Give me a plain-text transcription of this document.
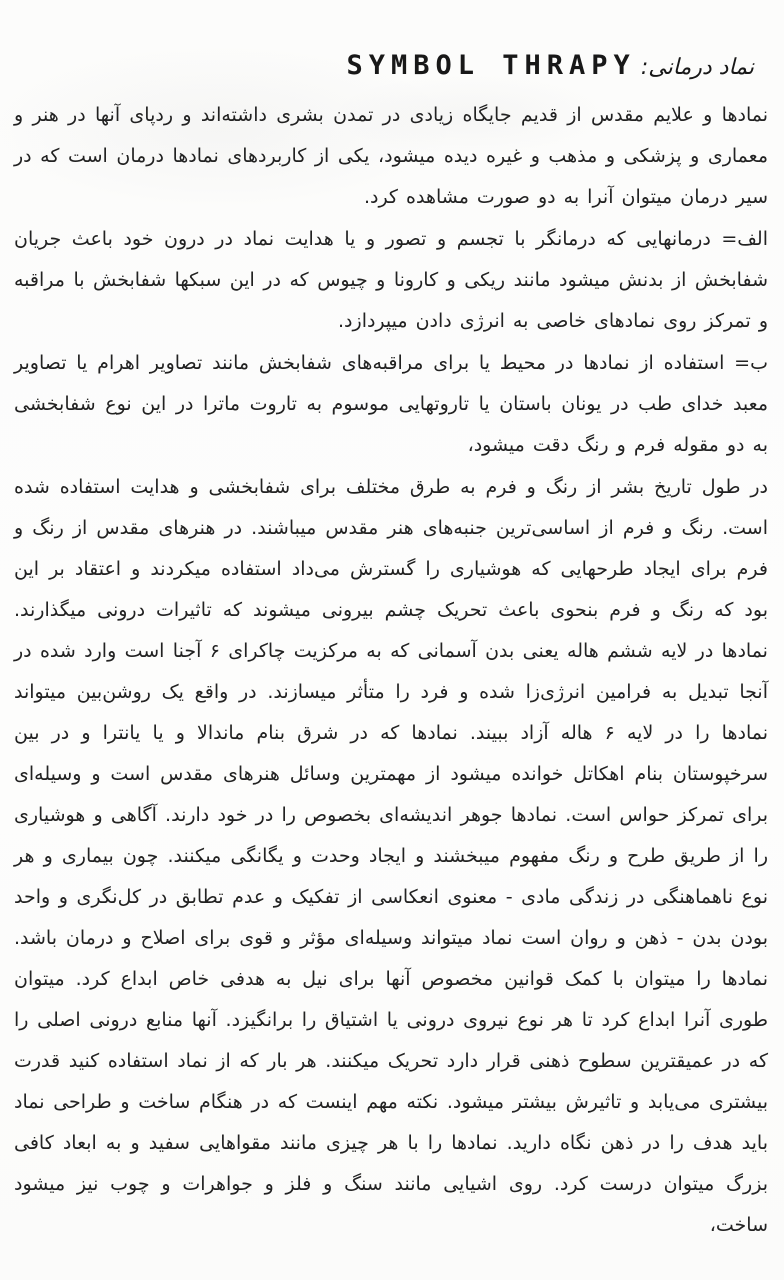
نماد درمانی: SYMBOL THRAPY

نمادها و علایم مقدس از قدیم جایگاه زیادی در تمدن بشری داشته‌اند و ردپای آنها در هنر و معماری و پزشکی و مذهب و غیره دیده میشود، یکی از کاربردهای نمادها درمان است که در سیر درمان میتوان آنرا به دو صورت مشاهده کرد.

الف= درمانهایی که درمانگر با تجسم و تصور و یا هدایت نماد در درون خود باعث جریان شفابخش از بدنش میشود مانند ریکی و کارونا و چیوس که در این سبکها شفابخش با مراقبه و تمرکز روی نمادهای خاصی به انرژی دادن میپردازد.

ب= استفاده از نمادها در محیط یا برای مراقبه‌های شفابخش مانند تصاویر اهرام یا تصاویر معبد خدای طب در یونان باستان یا تاروتهایی موسوم به تاروت ماترا در این نوع شفابخشی به دو مقوله فرم و رنگ دقت میشود،

در طول تاریخ بشر از رنگ و فرم به طرق مختلف برای شفابخشی و هدایت استفاده شده است. رنگ و فرم از اساسی‌ترین جنبه‌های هنر مقدس میباشند. در هنرهای مقدس از رنگ و فرم برای ایجاد طرحهایی که هوشیاری را گسترش می‌داد استفاده میکردند و اعتقاد بر این بود که رنگ و فرم بنحوی باعث تحریک چشم بیرونی میشوند که تاثیرات درونی میگذارند. نمادها در لایه ششم هاله یعنی بدن آسمانی که به مرکزیت چاکرای ۶ آجنا است وارد شده در آنجا تبدیل به فرامین انرژی‌زا شده و فرد را متأثر میسازند. در واقع یک روشن‌بین میتواند نمادها را در لایه ۶ هاله آزاد ببیند. نمادها که در شرق بنام ماندالا و یا یانترا و در بین سرخپوستان بنام اهکاتل خوانده میشود از مهمترین وسائل هنرهای مقدس است و وسیله‌ای برای تمرکز حواس است. نمادها جوهر اندیشه‌ای بخصوص را در خود دارند. آگاهی و هوشیاری را از طریق طرح و رنگ مفهوم میبخشند و ایجاد وحدت و یگانگی میکنند. چون بیماری و هر نوع ناهماهنگی در زندگی مادی - معنوی انعکاسی از تفکیک و عدم تطابق در کل‌نگری و واحد بودن بدن - ذهن و روان است نماد میتواند وسیله‌ای مؤثر و قوی برای اصلاح و درمان باشد. نمادها را میتوان با کمک قوانین مخصوص آنها برای نیل به هدفی خاص ابداع کرد. میتوان طوری آنرا ابداع کرد تا هر نوع نیروی درونی یا اشتیاق را برانگیزد. آنها منابع درونی اصلی را که در عمیقترین سطوح ذهنی قرار دارد تحریک میکنند. هر بار که از نماد استفاده کنید قدرت بیشتری می‌یابد و تاثیرش بیشتر میشود. نکته مهم اینست که در هنگام ساخت و طراحی نماد باید هدف را در ذهن نگاه دارید. نمادها را با هر چیزی مانند مقواهایی سفید و به ابعاد کافی بزرگ میتوان درست کرد. روی اشیایی مانند سنگ و فلز و جواهرات و چوب نیز میشود ساخت،
